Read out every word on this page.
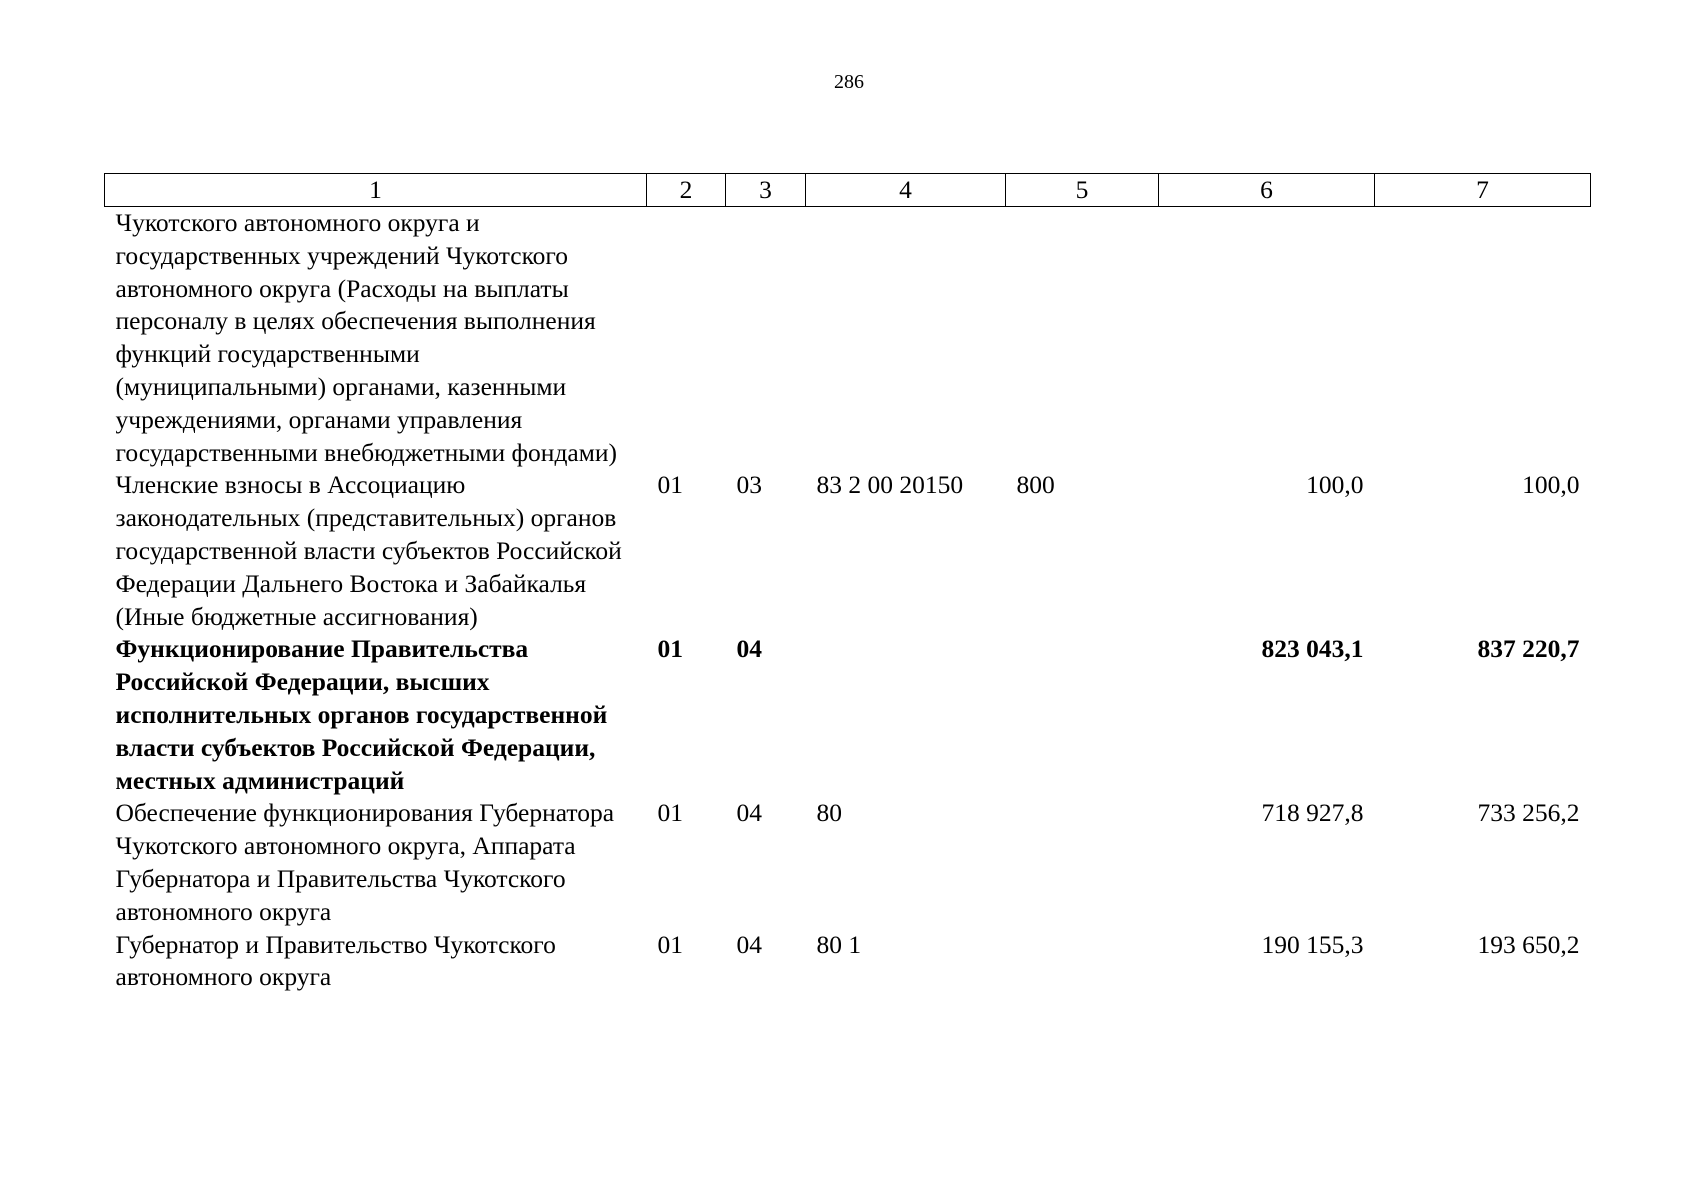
286
1	2	3	4	5	6	7
Чукотского автономного округа и государственных учреждений Чукотского автономного округа (Расходы на выплаты персоналу в целях обеспечения выполнения функций государственными (муниципальными) органами, казенными учреждениями, органами управления государственными внебюджетными фондами)						
Членские взносы в Ассоциацию законодательных (представительных) органов государственной власти субъектов Российской Федерации Дальнего Востока и Забайкалья (Иные бюджетные ассигнования)	01	03	83 2 00 20150	800	100,0	100,0
Функционирование Правительства Российской Федерации, высших исполнительных органов государственной власти субъектов Российской Федерации, местных администраций	01	04			823 043,1	837 220,7
Обеспечение функционирования Губернатора Чукотского автономного округа, Аппарата Губернатора и Правительства Чукотского автономного округа	01	04	80		718 927,8	733 256,2
Губернатор и Правительство Чукотского автономного округа	01	04	80 1		190 155,3	193 650,2
